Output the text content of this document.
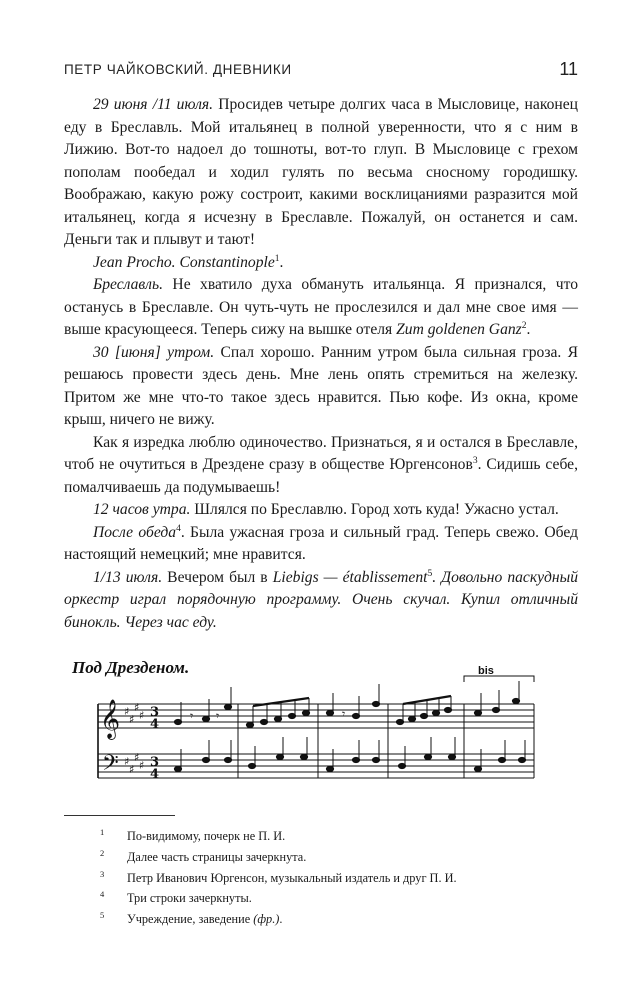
ПЕТР ЧАЙКОВСКИЙ. ДНЕВНИКИ	11

29 июня /11 июля. Просидев четыре долгих часа в Мысловице, наконец еду в Бреславль. Мой итальянец в полной уверенности, что я с ним в Лижию. Вот-то надоел до тошноты, вот-то глуп. В Мысловице с грехом пополам пообедал и ходил гулять по весьма сносному городишку. Воображаю, какую рожу состроит, какими восклицаниями разразится мой итальянец, когда я исчезну в Бреславле. Пожалуй, он останется и сам. Деньги так и плывут и тают!

Jean Procho. Constantinople$^1$.

Бреславль. Не хватило духа обмануть итальянца. Я признался, что останусь в Бреславле. Он чуть-чуть не прослезился и дал мне свое имя — выше красующееся. Теперь сижу на вышке отеля Zum goldenen Ganz$^2$.

30 [июня] утром. Спал хорошо. Ранним утром была сильная гроза. Я решаюсь провести здесь день. Мне лень опять стремиться на железку. Притом же мне что-то такое здесь нравится. Пью кофе. Из окна, кроме крыш, ничего не вижу.

Как я изредка люблю одиночество. Признаться, я и остался в Бреславле, чтоб не очутиться в Дрездене сразу в обществе Юргенсонов$^3$. Сидишь себе, помалчиваешь да подумываешь!

12 часов утра. Шлялся по Бреславлю. Город хоть куда! Ужасно устал.

После обеда$^4$. Была ужасная гроза и сильный град. Теперь свежо. Обед настоящий немецкий; мне нравится.

1/13 июля. Вечером был в Liebigs — établissement$^5$. Довольно паскудный оркестр играл порядочную программу. Очень скучал. Купил отличный бинокль. Через час еду.

Под Дрезденом.	bis
𝄞
𝄢
♯
♯
♯
♯
♯
♯
♯
♯
3
4
3
4
𝄾 𝄾	𝄾
1 По-видимому, почерк не П. И.
2 Далее часть страницы зачеркнута.
3 Петр Иванович Юргенсон, музыкальный издатель и друг П. И.
4 Три строки зачеркнуты.
5 Учреждение, заведение (фр.).
